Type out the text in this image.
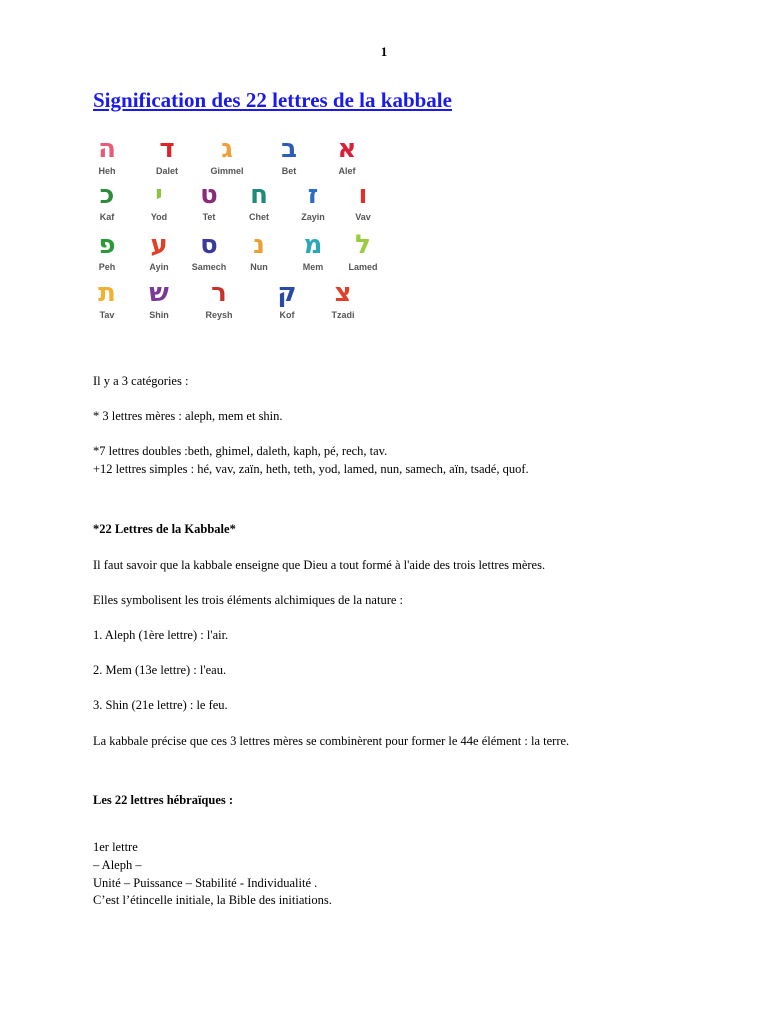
1
Signification des 22 lettres de la kabbale
ה
Heh
ד
Dalet
ג
Gimmel
ב
Bet
א
Alef
כ
Kaf
י
Yod
ט
Tet
ח
Chet
ז
Zayin
ו
Vav
פ
Peh
ע
Ayin
ס
Samech
נ
Nun
מ
Mem
ל
Lamed
ת
Tav
ש
Shin
ר
Reysh
ק
Kof
צ
Tzadi

Il y a 3 catégories :

* 3 lettres mères : aleph, mem et shin.

*7 lettres doubles :beth, ghimel, daleth, kaph, pé, rech, tav.

+12 lettres simples : hé, vav, zaïn, heth, teth, yod, lamed, nun, samech, aïn, tsadé, quof.

*22 Lettres de la Kabbale*

Il faut savoir que la kabbale enseigne que Dieu a tout formé à l'aide des trois lettres mères.

Elles symbolisent les trois éléments alchimiques de la nature :

1. Aleph (1ère lettre) : l'air.

2. Mem (13e lettre) : l'eau.

3. Shin (21e lettre) : le feu.

La kabbale précise que ces 3 lettres mères se combinèrent pour former le 44e élément : la terre.

Les 22 lettres hébraïques :

1er lettre

– Aleph –

Unité – Puissance – Stabilité - Individualité .

C’est l’étincelle initiale, la Bible des initiations.
